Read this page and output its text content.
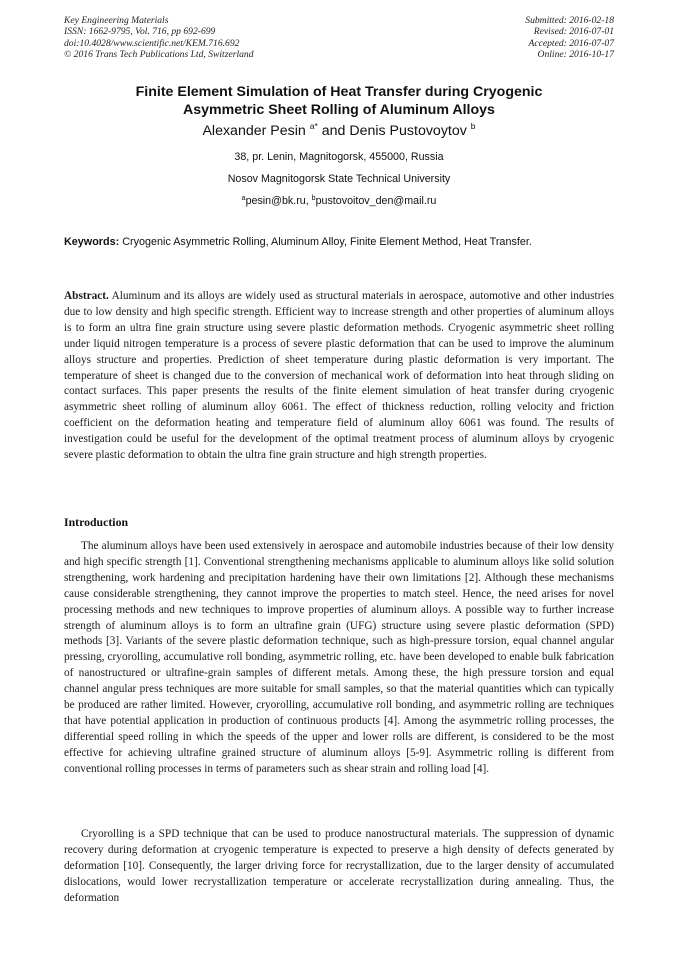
Key Engineering Materials
ISSN: 1662-9795, Vol. 716, pp 692-699
doi:10.4028/www.scientific.net/KEM.716.692
© 2016 Trans Tech Publications Ltd, Switzerland
Submitted: 2016-02-18
Revised: 2016-07-01
Accepted: 2016-07-07
Online: 2016-10-17
Finite Element Simulation of Heat Transfer during Cryogenic
Asymmetric Sheet Rolling of Aluminum Alloys
Alexander Pesin $^{a*}$ and Denis Pustovoytov $^b$
38, pr. Lenin, Magnitogorsk, 455000, Russia
Nosov Magnitogorsk State Technical University
$^a$pesin@bk.ru, $^b$pustovoitov_den@mail.ru
Keywords: Cryogenic Asymmetric Rolling, Aluminum Alloy, Finite Element Method, Heat Transfer.
Abstract. Aluminum and its alloys are widely used as structural materials in aerospace, automotive and other industries due to low density and high specific strength. Efficient way to increase strength and other properties of aluminum alloys is to form an ultra fine grain structure using severe plastic deformation methods. Cryogenic asymmetric sheet rolling under liquid nitrogen temperature is a process of severe plastic deformation that can be used to improve the aluminum alloys structure and properties. Prediction of sheet temperature during plastic deformation is very important. The temperature of sheet is changed due to the conversion of mechanical work of deformation into heat through sliding on contact surfaces. This paper presents the results of the finite element simulation of heat transfer during cryogenic asymmetric sheet rolling of aluminum alloy 6061. The effect of thickness reduction, rolling velocity and friction coefficient on the deformation heating and temperature field of aluminum alloy 6061 was found. The results of investigation could be useful for the development of the optimal treatment process of aluminum alloys by cryogenic severe plastic deformation to obtain the ultra fine grain structure and high strength properties.
Introduction
The aluminum alloys have been used extensively in aerospace and automobile industries because of their low density and high specific strength [1]. Conventional strengthening mechanisms applicable to aluminum alloys like solid solution strengthening, work hardening and precipitation hardening have their own limitations [2]. Although these mechanisms cause considerable strengthening, they cannot improve the properties to match steel. Hence, the need arises for novel processing methods and new techniques to improve properties of aluminum alloys. A possible way to further increase strength of aluminum alloys is to form an ultrafine grain (UFG) structure using severe plastic deformation (SPD) methods [3]. Variants of the severe plastic deformation technique, such as high-pressure torsion, equal channel angular pressing, cryorolling, accumulative roll bonding, asymmetric rolling, etc. have been developed to enable bulk fabrication of nanostructured or ultrafine-grain samples of different metals. Among these, the high pressure torsion and equal channel angular press techniques are more suitable for small samples, so that the material quantities which can typically be produced are rather limited. However, cryorolling, accumulative roll bonding, and asymmetric rolling are techniques that have potential application in production of continuous products [4]. Among the asymmetric rolling processes, the differential speed rolling in which the speeds of the upper and lower rolls are different, is considered to be the most effective for achieving ultrafine grained structure of aluminum alloys [5-9]. Asymmetric rolling is different from conventional rolling processes in terms of parameters such as shear strain and rolling load [4].
Cryorolling is a SPD technique that can be used to produce nanostructural materials. The suppression of dynamic recovery during deformation at cryogenic temperature is expected to preserve a high density of defects generated by deformation [10]. Consequently, the larger driving force for recrystallization, due to the larger density of accumulated dislocations, would lower recrystallization temperature or accelerate recrystallization during annealing. Thus, the deformation
